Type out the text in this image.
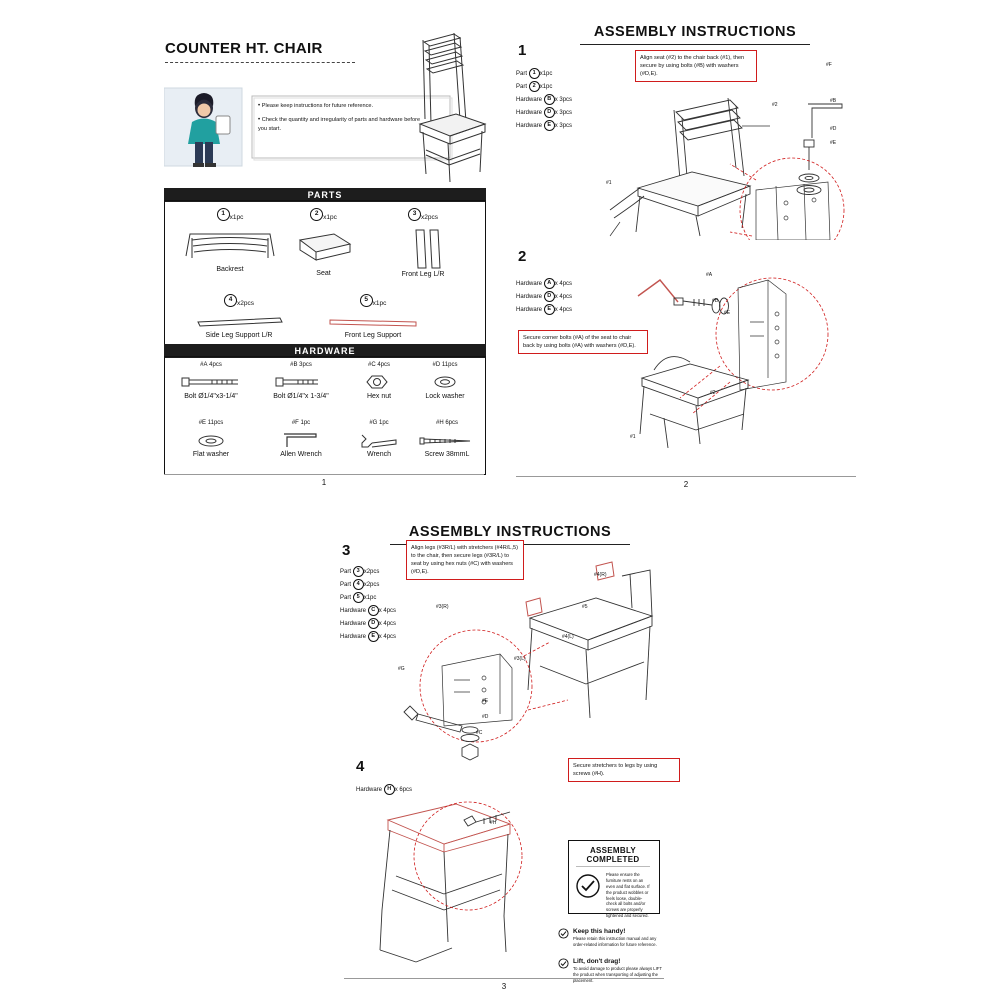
COUNTER HT. CHAIR
• Please keep instructions for future reference.
• Check the quantity and irregularity of parts and hardware before you start.
PARTS
1x1pc
Backrest
2x1pc
Seat
3x2pcs
Front Leg L/R
4x2pcs
Side Leg Support L/R
5x1pc
Front Leg Support
HARDWARE
#A 4pcs
Bolt Ø1/4"x3-1/4"
#B 3pcs
Bolt Ø1/4"x 1-3/4"
#C 4pcs
Hex nut
#D 11pcs
Lock washer
#E 11pcs
Flat washer
#F 1pc
Allen Wrench
#G 1pc
Wrench
#H 6pcs
Screw 38mmL
1
ASSEMBLY INSTRUCTIONS
1
Part 1 x1pc
Part 2 x1pc
Hardware B x 3pcs
Hardware D x 3pcs
Hardware E x 3pcs
Align seat (#2) to the chair back (#1), then secure by using bolts (#B) with washers (#D,E).
#F
#B
#D
#E
#2
#1
2
Hardware A x 4pcs
Hardware D x 4pcs
Hardware E x 4pcs
Secure corner bolts (#A) of the seat to chair back by using bolts (#A) with washers (#D,E).
#A
#D
#E
#2
#1
2
ASSEMBLY INSTRUCTIONS
3
Part 3 x2pcs
Part 4 x2pcs
Part 5 x1pc
Hardware C x 4pcs
Hardware D x 4pcs
Hardware E x 4pcs
Align legs (#3R/L) with stretchers (#4R/L,5) to the chair, then secure legs (#3R/L) to seat by using hex nuts (#C) with washers (#D,E).	#4(R)
#5
#3(R)
#4(L)
#3(L)
#G
#E
#D
#C
4
Hardware H x 6pcs
Secure stretchers to legs by using screws (#H).
#H
ASSEMBLY COMPLETED
Please ensure the furniture rests on an even and flat surface. If the product wobbles or feels loose, double-check all bolts and/or screws are properly tightened and secured.
Keep this handy!
Please retain this instruction manual and any order-related information for future reference.
Lift, don't drag!
To avoid damage to product please always LIFT the product when transporting of adjusting the placement.
3
